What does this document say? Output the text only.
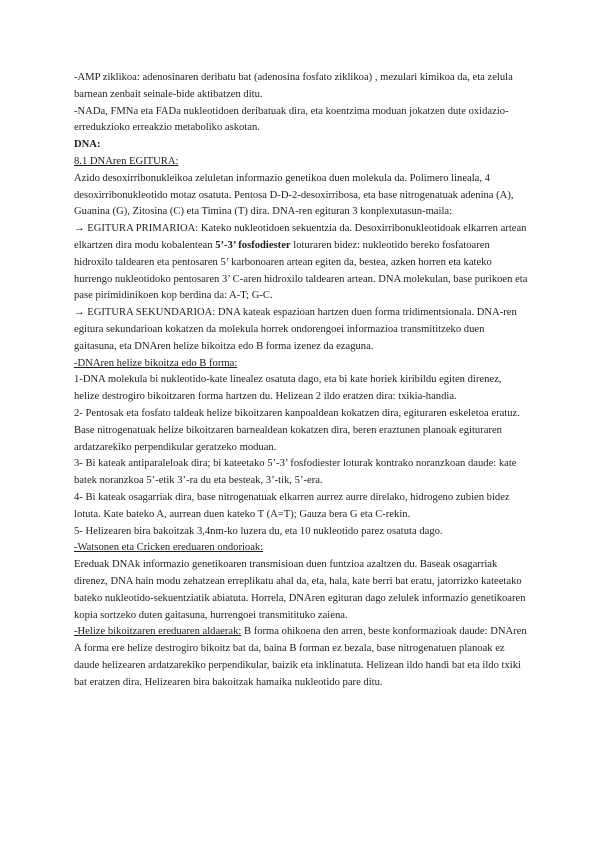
-AMP ziklikoa: adenosinaren deribatu bat (adenosina fosfato ziklikoa) , mezulari kimikoa da, eta zelula barnean zenbait seinale-bide aktibatzen ditu.

-NADa, FMNa eta FADa nukleotidoen deribatuak dira, eta koentzima moduan jokatzen dute oxidazio-erredukzioko erreakzio metaboliko askotan.

DNA:

8.1 DNAren EGITURA:

Azido desoxirribonukleikoa zeluletan informazio genetikoa duen molekula da. Polimero lineala, 4 desoxirribonukleotido motaz osatuta. Pentosa D-D-2-desoxirribosa, eta base nitrogenatuak adenina (A), Guanina (G), Zitosina (C) eta Timina (T) dira. DNA-ren egituran 3 konplexutasun-maila:

→ EGITURA PRIMARIOA: Kateko nukleotidoen sekuentzia da. Desoxirribonukleotidoak elkarren artean elkartzen dira modu kobalentean 5’-3’ fosfodiester loturaren bidez: nukleotido bereko fosfatoaren hidroxilo taldearen eta pentosaren 5’ karbonoaren artean egiten da, bestea, azken horren eta kateko hurrengo nukleotidoko pentosaren 3’ C-aren hidroxilo taldearen artean. DNA molekulan, base purikoen eta pase pirimidinikoen kop berdina da: A-T; G-C.

→ EGITURA SEKUNDARIOA: DNA kateak espazioan hartzen duen forma tridimentsionala. DNA-ren egitura sekundarioan kokatzen da molekula horrek ondorengoei informazioa transmititzeko duen gaitasuna, eta DNAren helize bikoitza edo B forma izenez da ezaguna.

-DNAren helize bikoitza edo B forma:

1-DNA molekula bi nukleotido-kate linealez osatuta dago, eta bi kate horiek kiribildu egiten direnez, helize destrogiro bikoitzaren forma hartzen du. Helizean 2 ildo eratzen dira: txikia-handia.

2- Pentosak eta fosfato taldeak helize bikoitzaren kanpoaldean kokatzen dira, egituraren eskeletoa eratuz. Base nitrogenatuak helize bikoitzaren barnealdean kokatzen dira, beren eraztunen planoak egituraren ardatzarekiko perpendikular geratzeko moduan.

3- Bi kateak antiparaleloak dira; bi kateetako 5’-3’ fosfodiester loturak kontrako noranzkoan daude: kate batek noranzkoa 5’-etik 3’-ra du eta besteak, 3’-tik, 5’-era.

4- Bi kateak osagarriak dira, base nitrogenatuak elkarren aurrez aurre direlako, hidrogeno zubien bidez lotuta. Kate bateko A, aurrean duen kateko T (A=T); Gauza bera G eta C-rekin.

5- Helizearen bira bakoitzak 3,4nm-ko luzera du, eta 10 nukleotido parez osatuta dago.

-Watsonen eta Cricken ereduaren ondorioak:

Ereduak DNAk informazio genetikoaren transmisioan duen funtzioa azaltzen du. Baseak osagarriak direnez, DNA hain modu zehatzean erreplikatu ahal da, eta, hala, kate berri bat eratu, jatorrizko kateetako bateko nukleotido-sekuentziatik abiatuta. Horrela, DNAren egituran dago zelulek informazio genetikoaren kopia sortzeko duten gaitasuna, hurrengoei transmitituko zaiena.

-Helize bikoitzaren ereduaren aldaerak: B forma ohikoena den arren, beste konformazioak daude: DNAren A forma ere helize destrogiro bikoitz bat da, baina B forman ez bezala, base nitrogenatuen planoak ez daude helizearen ardatzarekiko perpendikular, baizik eta inklinatuta. Helizean ildo handi bat eta ildo txiki bat eratzen dira. Helizearen bira bakoitzak hamaika nukleotido pare ditu.
